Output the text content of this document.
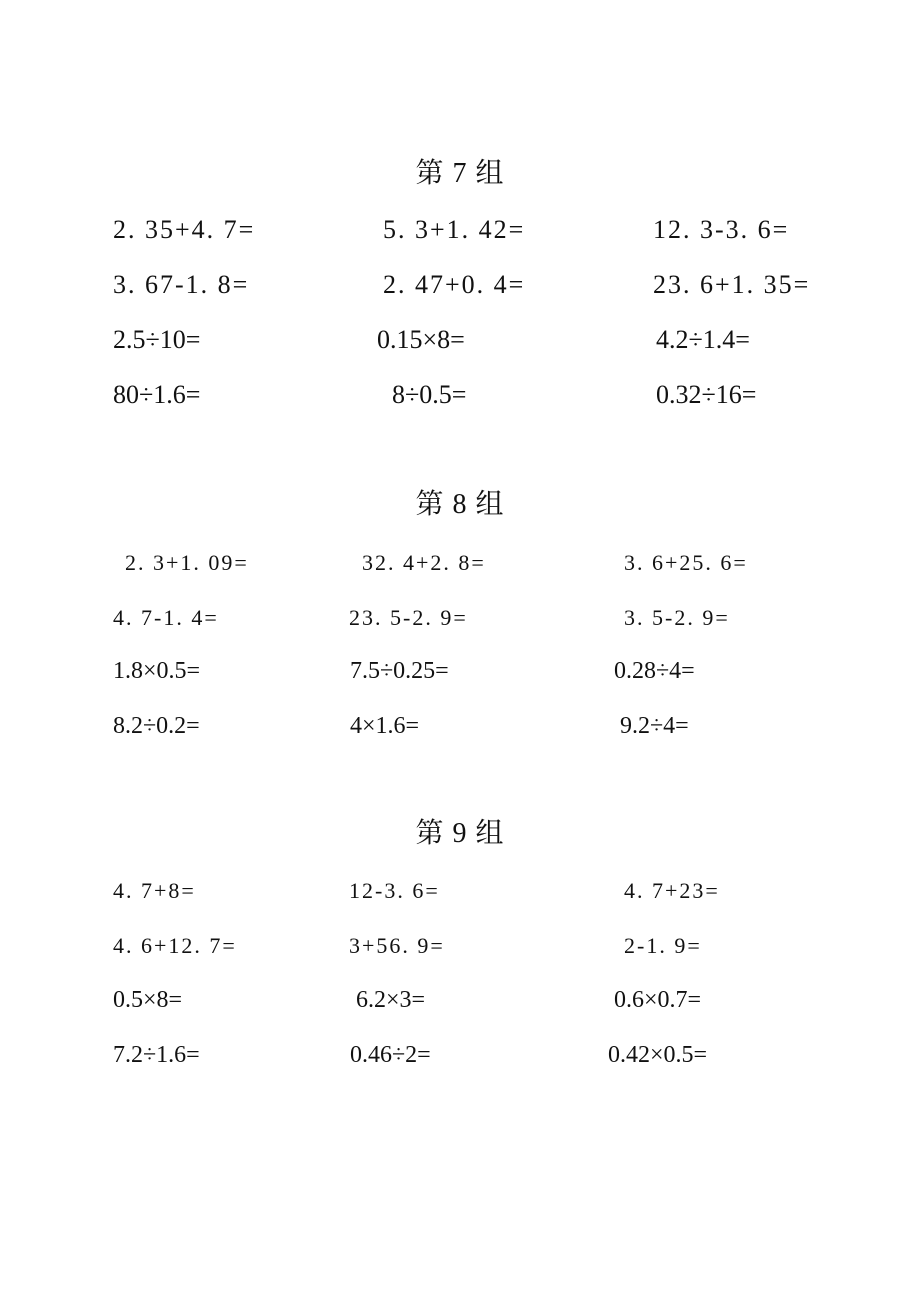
第 7 组
2. 35+4. 7=	5. 3+1. 42=	12. 3-3. 6=
3. 67-1. 8=	2. 47+0. 4=	23. 6+1. 35=
2.5÷10=	0.15×8=	4.2÷1.4=
80÷1.6=	8÷0.5=	0.32÷16=
第 8 组
2. 3+1. 09=	32. 4+2. 8=	3. 6+25. 6=
4. 7-1. 4=	23. 5-2. 9=	3. 5-2. 9=
1.8×0.5=	7.5÷0.25=	0.28÷4=
8.2÷0.2=	4×1.6=	9.2÷4=
第 9 组
4. 7+8=	12-3. 6=	4. 7+23=
4. 6+12. 7=	3+56. 9=	2-1. 9=
0.5×8=	6.2×3=	0.6×0.7=
7.2÷1.6=	0.46÷2=	0.42×0.5=
